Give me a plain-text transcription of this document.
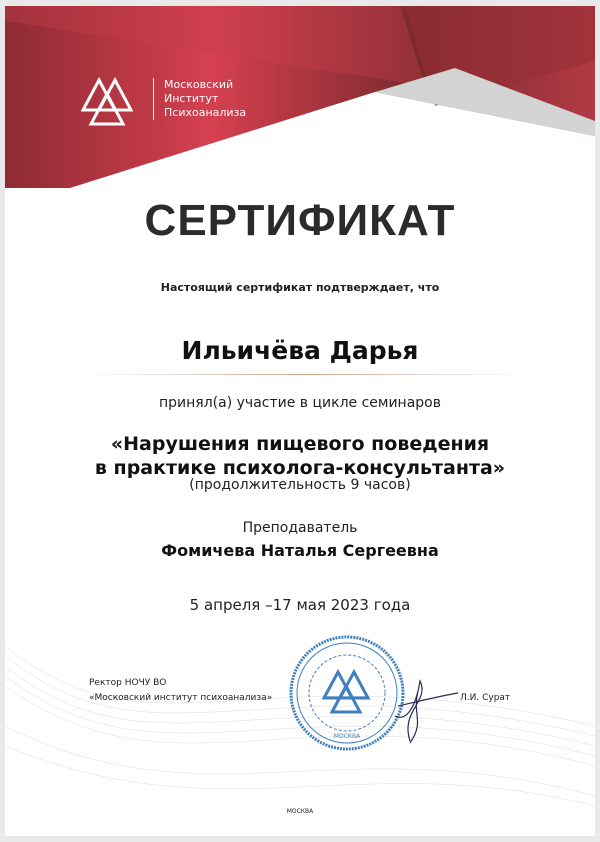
Московский
Институт
Психоанализа
СЕРТИФИКАТ
Настоящий сертификат подтверждает, что
Ильичёва Дарья
принял(а) участие в цикле семинаров
«Нарушения пищевого поведения
в практике психолога-консультанта»
(продолжительность 9 часов)
Преподаватель
Фомичева Наталья Сергеевна
5 апреля –17 мая 2023 года
Ректор НОЧУ ВО
«Московский институт психоанализа»
МОСКВА
Л.И. Сурат
МОСКВА
